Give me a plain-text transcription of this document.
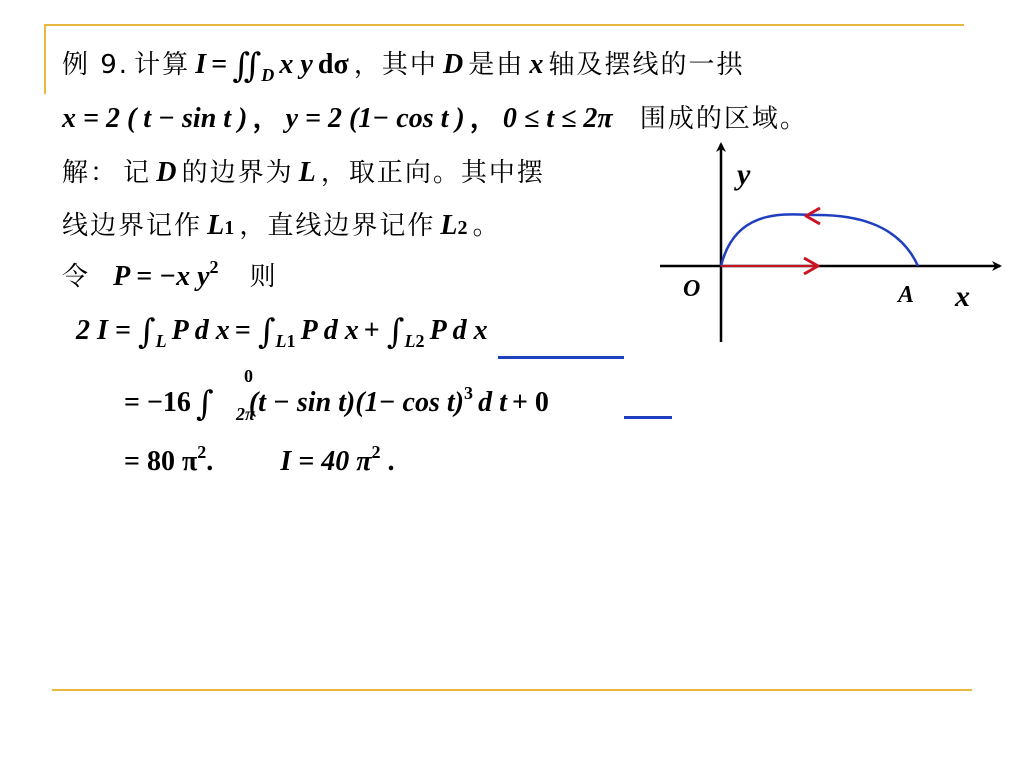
例 9. 计算 I = ∬D x y dσ ，其中 D 是由 x 轴及摆线的一拱
x = 2 ( t − sin t ) ， y = 2 (1− cos t ) ， 0 ≤ t ≤ 2π 围成的区域。
解： 记 D 的边界为 L ，取正向。其中摆
线边界记作 L1 ，直线边界记作 L2 。
令 P = −x y2 则
2 I = ∫L P d x = ∫L1 P d x + ∫L2 P d x
= −16 ∫ (t − sin t)(1− cos t)3 d t + 0
0
2π
= 80 π2. I = 40 π2 .
y
x
O	A
